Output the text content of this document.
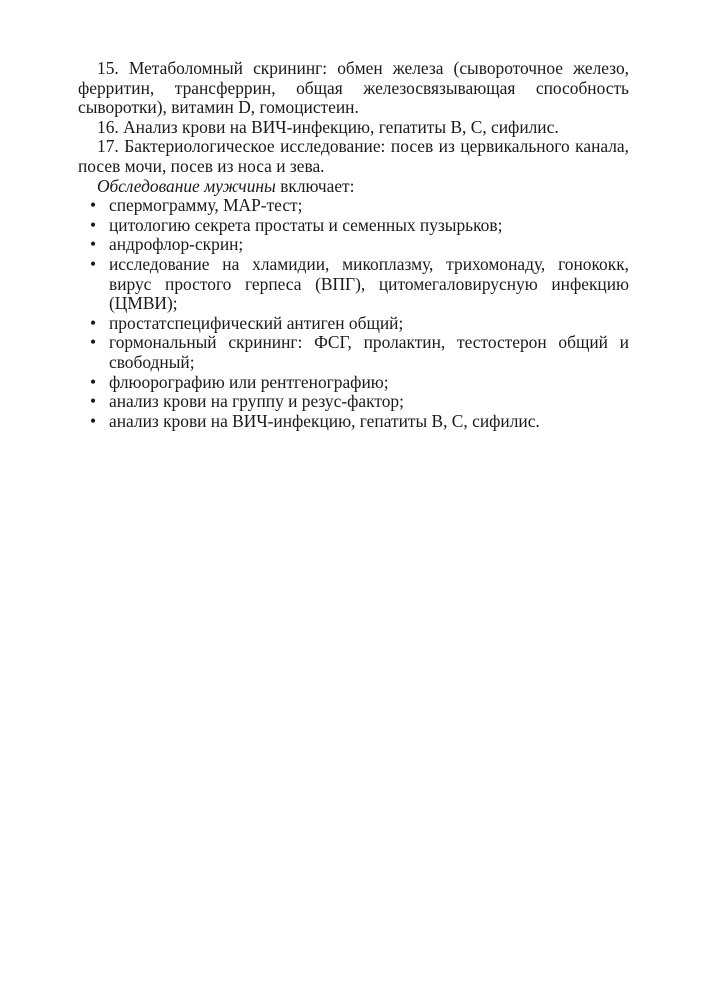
15. Метаболомный скрининг: обмен железа (сывороточное железо, ферритин, трансферрин, общая железосвязывающая способность сыворотки), витамин D, гомоцистеин.

16. Анализ крови на ВИЧ-инфекцию, гепатиты В, С, сифилис.

17. Бактериологическое исследование: посев из цервикального канала, посев мочи, посев из носа и зева.

Обследование мужчины включает:

• спермограмму, MAP-тест;
• цитологию секрета простаты и семенных пузырьков;
• андрофлор-скрин;
• исследование на хламидии, микоплазму, трихомонаду, гонококк, вирус простого герпеса (ВПГ), цитомегаловирусную инфекцию (ЦМВИ);
• простатспецифический антиген общий;
• гормональный скрининг: ФСГ, пролактин, тестостерон общий и свободный;
• флюорографию или рентгенографию;
• анализ крови на группу и резус-фактор;
• анализ крови на ВИЧ-инфекцию, гепатиты В, С, сифилис.
